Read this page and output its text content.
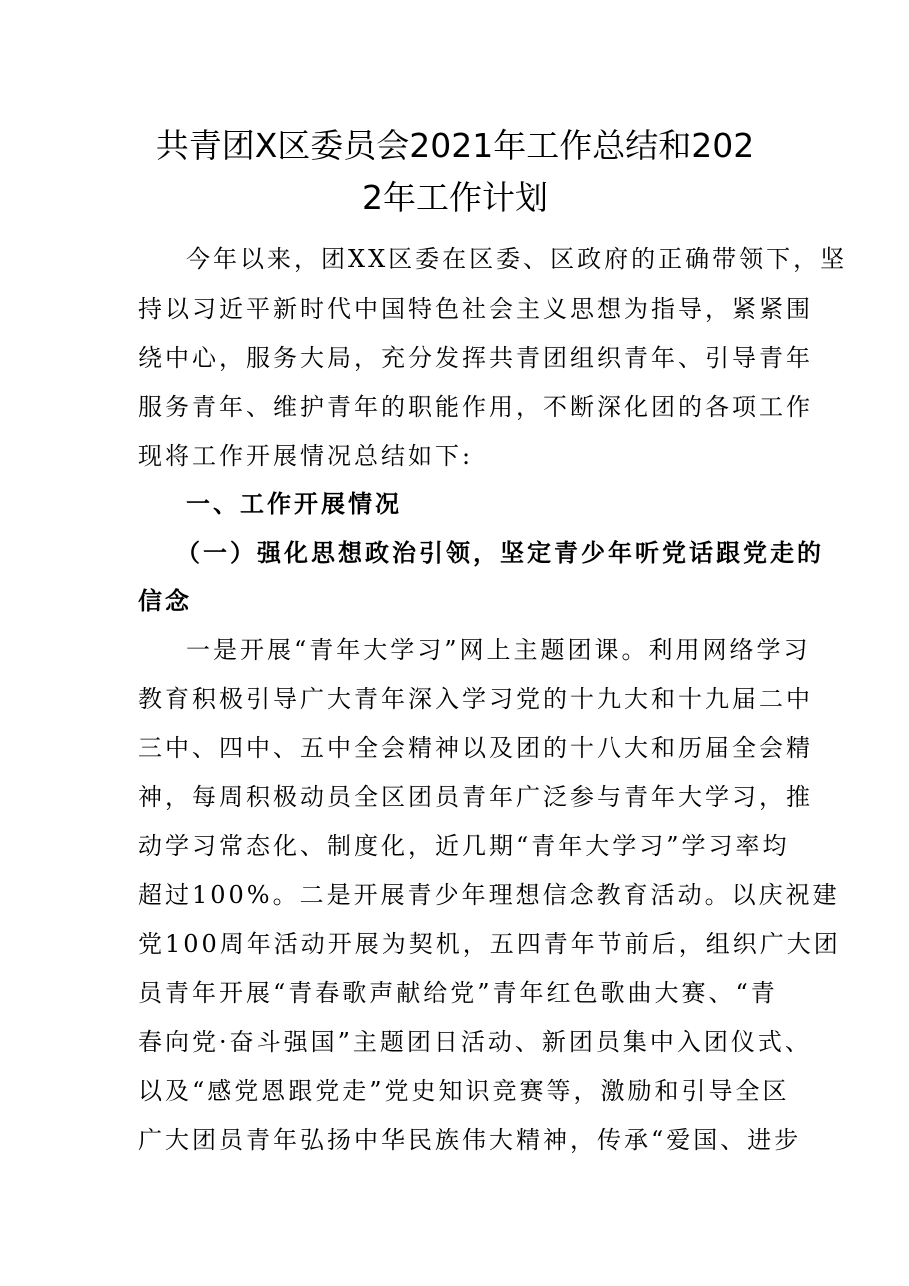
共青团Ⅹ区委员会2021年工作总结和202
2年工作计划
今年以来，团XX区委在区委、区政府的正确带领下，坚
持以习近平新时代中国特色社会主义思想为指导，紧紧围
绕中心，服务大局，充分发挥共青团组织青年、引导青年
服务青年、维护青年的职能作用，不断深化团的各项工作
现将工作开展情况总结如下:
一、工作开展情况
（一）强化思想政治引领，坚定青少年听党话跟党走的
信念
一是开展“青年大学习”网上主题团课。利用网络学习
教育积极引导广大青年深入学习党的十九大和十九届二中
三中、四中、五中全会精神以及团的十八大和历届全会精
神，每周积极动员全区团员青年广泛参与青年大学习，推
动学习常态化、制度化，近几期“青年大学习”学习率均
超过100%。二是开展青少年理想信念教育活动。以庆祝建
党100周年活动开展为契机，五四青年节前后，组织广大团
员青年开展“青春歌声献给党”青年红色歌曲大赛、“青
春向党·奋斗强国”主题团日活动、新团员集中入团仪式、
以及“感党恩跟党走”党史知识竞赛等，激励和引导全区
广大团员青年弘扬中华民族伟大精神，传承“爱国、进步
